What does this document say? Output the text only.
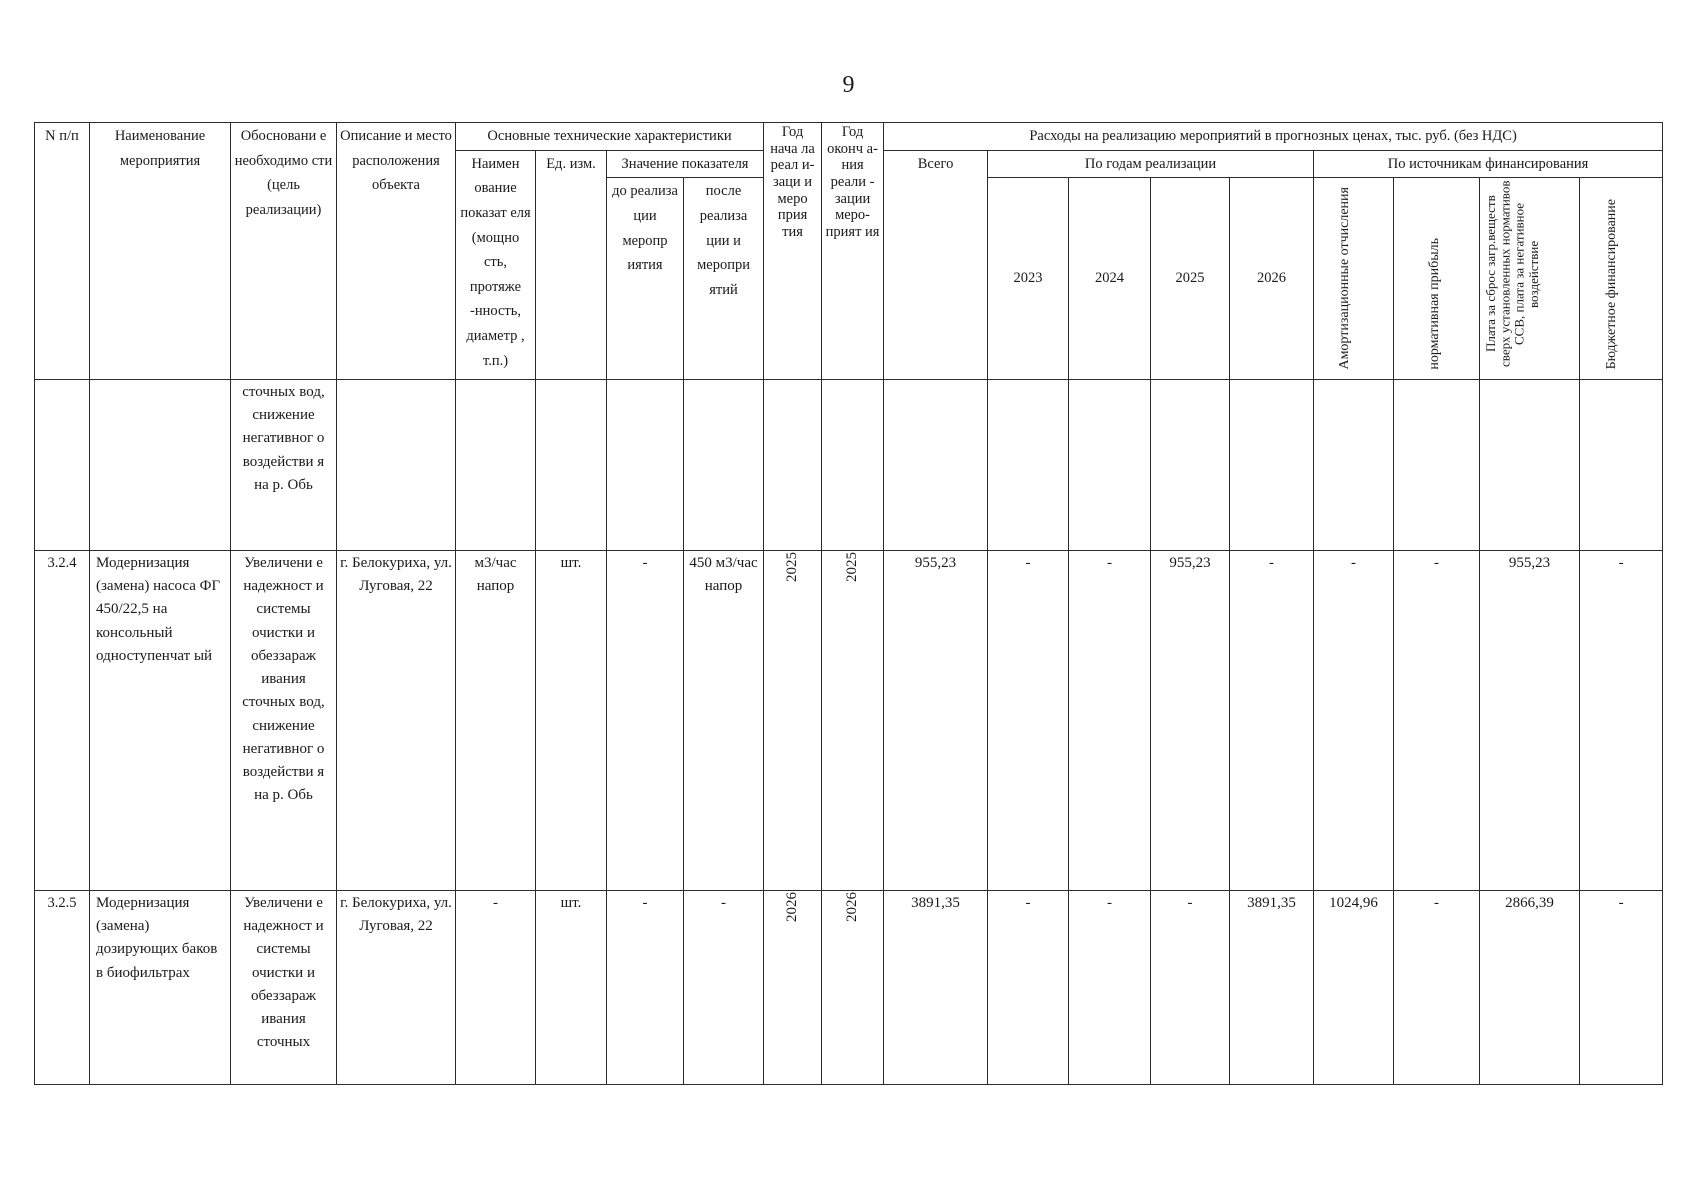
9
N п/п	Наименование мероприятия	Обосновани е необходимо сти (цель реализации)	Описание и место расположения объекта	Основные технические характеристики				Год нача ла реал и- заци и меро прия тия	Год оконч а-ния реали - зации меро- прият ия	Расходы на реализацию мероприятий в прогнозных ценах, тыс. руб. (без НДС)								
				Наимен ование показат еля (мощно сть, протяже -нность, диаметр , т.п.)	Ед. изм.	Значение показателя				Всего	По годам реализации				По источникам финансирования			
						до реализа ции меропр иятия	после реализа ции и меропри ятий				2023	2024	2025	2026	Амортизационные отчисления	нормативная прибыль	Плата за сброс загр.веществ сверх установленных нормативов ССВ, плата за негативное воздействие	Бюджетное финансирование
		сточных вод, снижение негативног о воздействи я на р. Обь																
3.2.4	Модернизация (замена) насоса ФГ 450/22,5 на консольный одноступенчат ый	Увеличени е надежност и системы очистки и обеззараж ивания сточных вод, снижение негативног о воздействи я на р. Обь	г. Белокуриха, ул. Луговая, 22	м3/час напор	шт.	-	450 м3/час напор	2025	2025	955,23	-	-	955,23	-	-	-	955,23	-
3.2.5	Модернизация (замена) дозирующих баков в биофильтрах	Увеличени е надежност и системы очистки и обеззараж ивания сточных	г. Белокуриха, ул. Луговая, 22	-	шт.	-	-	2026	2026	3891,35	-	-	-	3891,35	1024,96	-	2866,39	-
